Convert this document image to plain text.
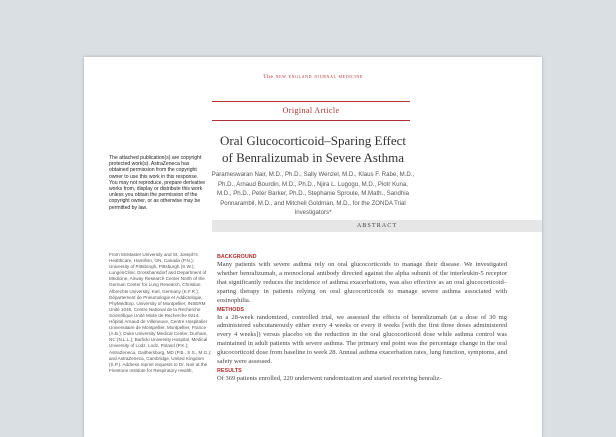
The new england journal medicine
Original Article
Oral Glucocorticoid–Sparing Effect of Benralizumab in Severe Asthma
Parameswaran Nair, M.D., Ph.D., Sally Wenzel, M.D., Klaus F. Rabe, M.D., Ph.D., Arnaud Bourdin, M.D., Ph.D., Njira L. Lugogo, M.D., Piotr Kuna, M.D., Ph.D., Peter Barker, Ph.D., Stephanie Sproule, M.Math., Sandhia Ponnarambil, M.D., and Mitchell Goldman, M.D., for the ZONDA Trial Investigators*
The attached publication(s) are copyright protected work(s). AstraZeneca has obtained permission from the copyright owner to use this work in this response. You may not reproduce, prepare derivative works from, display or distribute this work unless you obtain the permission of the copyright owner, or as otherwise may be permitted by law.
ABSTRACT
From McMaster University and St. Joseph's Healthcare, Hamilton, ON, Canada (P.N.); University of Pittsburgh, Pittsburgh (S.W.); LungenClinic Grosshansdorf and Department of Medicine, Airway Research Center North of the German Center for Lung Research, Christian Albrechts University, Kiel, Germany (K.F.R.); Département de Pneumologie et Addictologie, PhyMedExp, University of Montpellier, INSERM Unité 1046, Centre National de la Recherche Scientifique Unité Mixte de Recherche 9214, Hôpital Arnaud de Villeneuve, Centre Hospitalier Universitaire de Montpellier, Montpellier, France (A.B.); Duke University Medical Center, Durham, NC (N.L.L.); Barlicki University Hospital, Medical University of Lodz, Lodz, Poland (P.K.); AstraZeneca, Gaithersburg, MD (P.B., S.S., M.G.); and AstraZeneca, Cambridge, United Kingdom (S.P.). Address reprint requests to Dr. Nair at the Firestone Institute for Respiratory Health,

BACKGROUND

Many patients with severe asthma rely on oral glucocorticoids to manage their disease. We investigated whether benralizumab, a monoclonal antibody directed against the alpha subunit of the interleukin-5 receptor that significantly reduces the incidence of asthma exacerbations, was also effective as an oral glucocorticoid–sparing therapy in patients relying on oral glucocorticoids to manage severe asthma associated with eosinophilia.

METHODS

In a 28-week randomized, controlled trial, we assessed the effects of benralizumab (at a dose of 30 mg administered subcutaneously either every 4 weeks or every 8 weeks [with the first three doses administered every 4 weeks]) versus placebo on the reduction in the oral glucocorticoid dose while asthma control was maintained in adult patients with severe asthma. The primary end point was the percentage change in the oral glucocorticoid dose from baseline to week 28. Annual asthma exacerbation rates, lung function, symptoms, and safety were assessed.

RESULTS

Of 369 patients enrolled, 220 underwent randomization and started receiving benraliz-
